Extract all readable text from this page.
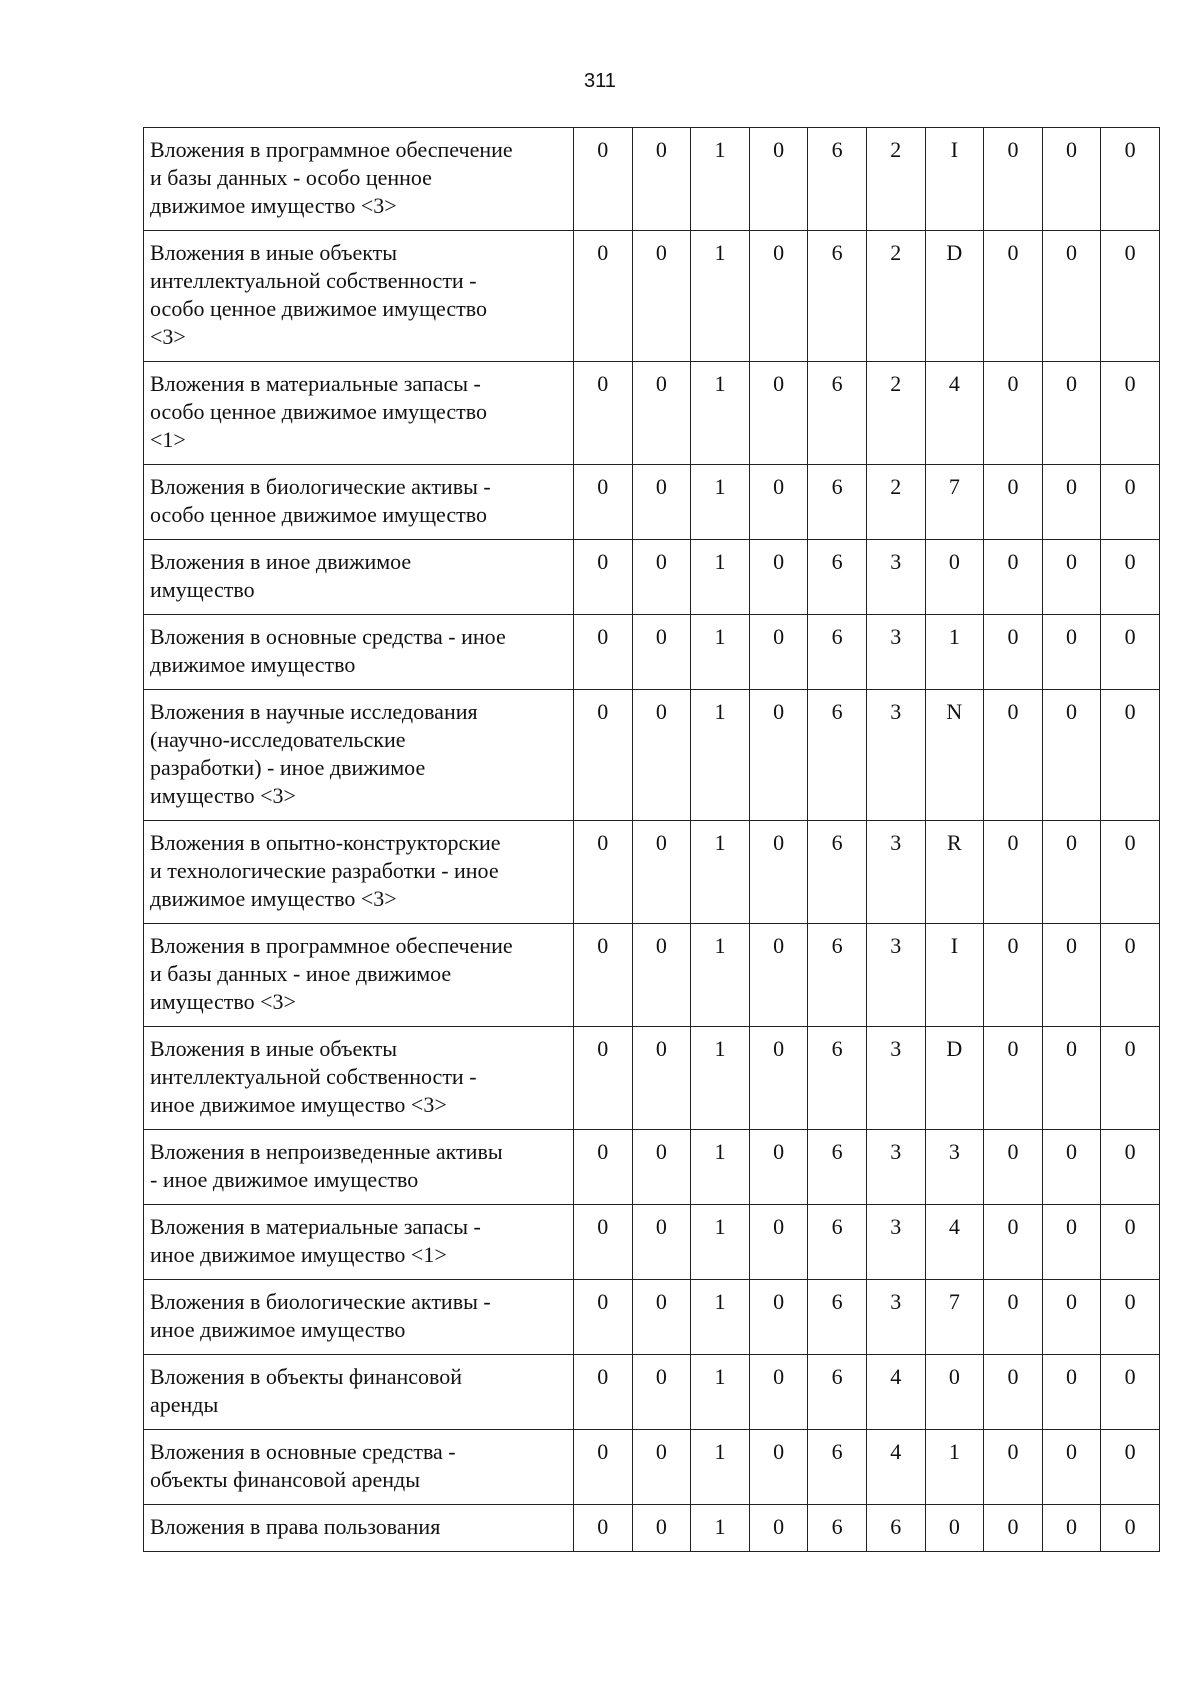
311
Вложения в программное обеспечение
и базы данных - особо ценное
движимое имущество <3>	0	0	1	0	6	2	I	0	0	0

Вложения в иные объекты
интеллектуальной собственности -
особо ценное движимое имущество
<3>	0	0	1	0	6	2	D	0	0	0

Вложения в материальные запасы -
особо ценное движимое имущество
<1>	0	0	1	0	6	2	4	0	0	0

Вложения в биологические активы -
особо ценное движимое имущество	0	0	1	0	6	2	7	0	0	0

Вложения в иное движимое
имущество	0	0	1	0	6	3	0	0	0	0

Вложения в основные средства - иное
движимое имущество	0	0	1	0	6	3	1	0	0	0

Вложения в научные исследования
(научно-исследовательские
разработки) - иное движимое
имущество <3>	0	0	1	0	6	3	N	0	0	0

Вложения в опытно-конструкторские
и технологические разработки - иное
движимое имущество <3>	0	0	1	0	6	3	R	0	0	0

Вложения в программное обеспечение
и базы данных - иное движимое
имущество <3>	0	0	1	0	6	3	I	0	0	0

Вложения в иные объекты
интеллектуальной собственности -
иное движимое имущество <3>	0	0	1	0	6	3	D	0	0	0

Вложения в непроизведенные активы
- иное движимое имущество	0	0	1	0	6	3	3	0	0	0

Вложения в материальные запасы -
иное движимое имущество <1>	0	0	1	0	6	3	4	0	0	0

Вложения в биологические активы -
иное движимое имущество	0	0	1	0	6	3	7	0	0	0

Вложения в объекты финансовой
аренды	0	0	1	0	6	4	0	0	0	0

Вложения в основные средства -
объекты финансовой аренды	0	0	1	0	6	4	1	0	0	0

Вложения в права пользования	0	0	1	0	6	6	0	0	0	0
